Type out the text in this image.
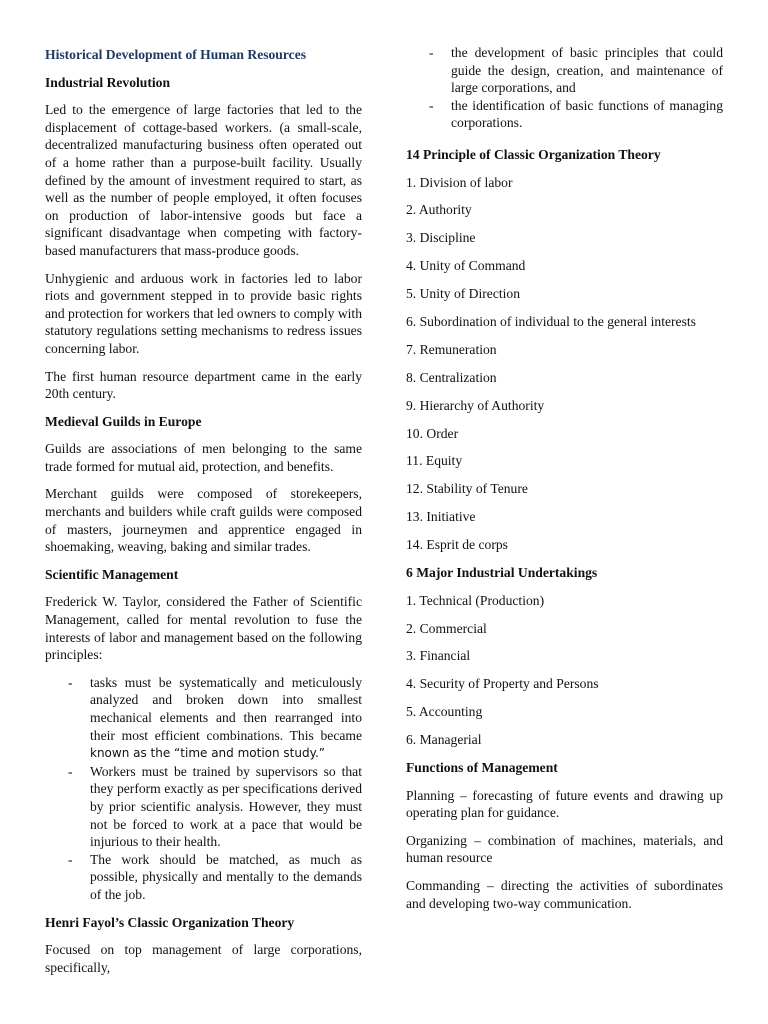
Historical Development of Human Resources

Industrial Revolution

Led to the emergence of large factories that led to the displacement of cottage-based workers. (a small-scale, decentralized manufacturing business often operated out of a home rather than a purpose-built facility. Usually defined by the amount of investment required to start, as well as the number of people employed, it often focuses on production of labor-intensive goods but face a significant disadvantage when competing with factory-based manufacturers that mass-produce goods.

Unhygienic and arduous work in factories led to labor riots and government stepped in to provide basic rights and protection for workers that led owners to comply with statutory regulations setting mechanisms to redress issues concerning labor.

The first human resource department came in the early 20th century.

Medieval Guilds in Europe

Guilds are associations of men belonging to the same trade formed for mutual aid, protection, and benefits.

Merchant guilds were composed of storekeepers, merchants and builders while craft guilds were composed of masters, journeymen and apprentice engaged in shoemaking, weaving, baking and similar trades.

Scientific Management

Frederick W. Taylor, considered the Father of Scientific Management, called for mental revolution to fuse the interests of labor and management based on the following principles:

- tasks must be systematically and meticulously analyzed and broken down into smallest mechanical elements and then rearranged into their most efficient combinations. This became known as the “time and motion study.”
- Workers must be trained by supervisors so that they perform exactly as per specifications derived by prior scientific analysis. However, they must not be forced to work at a pace that would be injurious to their health.
- The work should be matched, as much as possible, physically and mentally to the demands of the job.

Henri Fayol’s Classic Organization Theory

Focused on top management of large corporations, specifically,

- the development of basic principles that could guide the design, creation, and maintenance of large corporations, and
- the identification of basic functions of managing corporations.

14 Principle of Classic Organization Theory

1. Division of labor

2. Authority

3. Discipline

4. Unity of Command

5. Unity of Direction

6. Subordination of individual to the general interests

7. Remuneration

8. Centralization

9. Hierarchy of Authority

10. Order

11. Equity

12. Stability of Tenure

13. Initiative

14. Esprit de corps

6 Major Industrial Undertakings

1. Technical (Production)

2. Commercial

3. Financial

4. Security of Property and Persons

5. Accounting

6. Managerial

Functions of Management

Planning – forecasting of future events and drawing up operating plan for guidance.

Organizing – combination of machines, materials, and human resource

Commanding – directing the activities of subordinates and developing two-way communication.
